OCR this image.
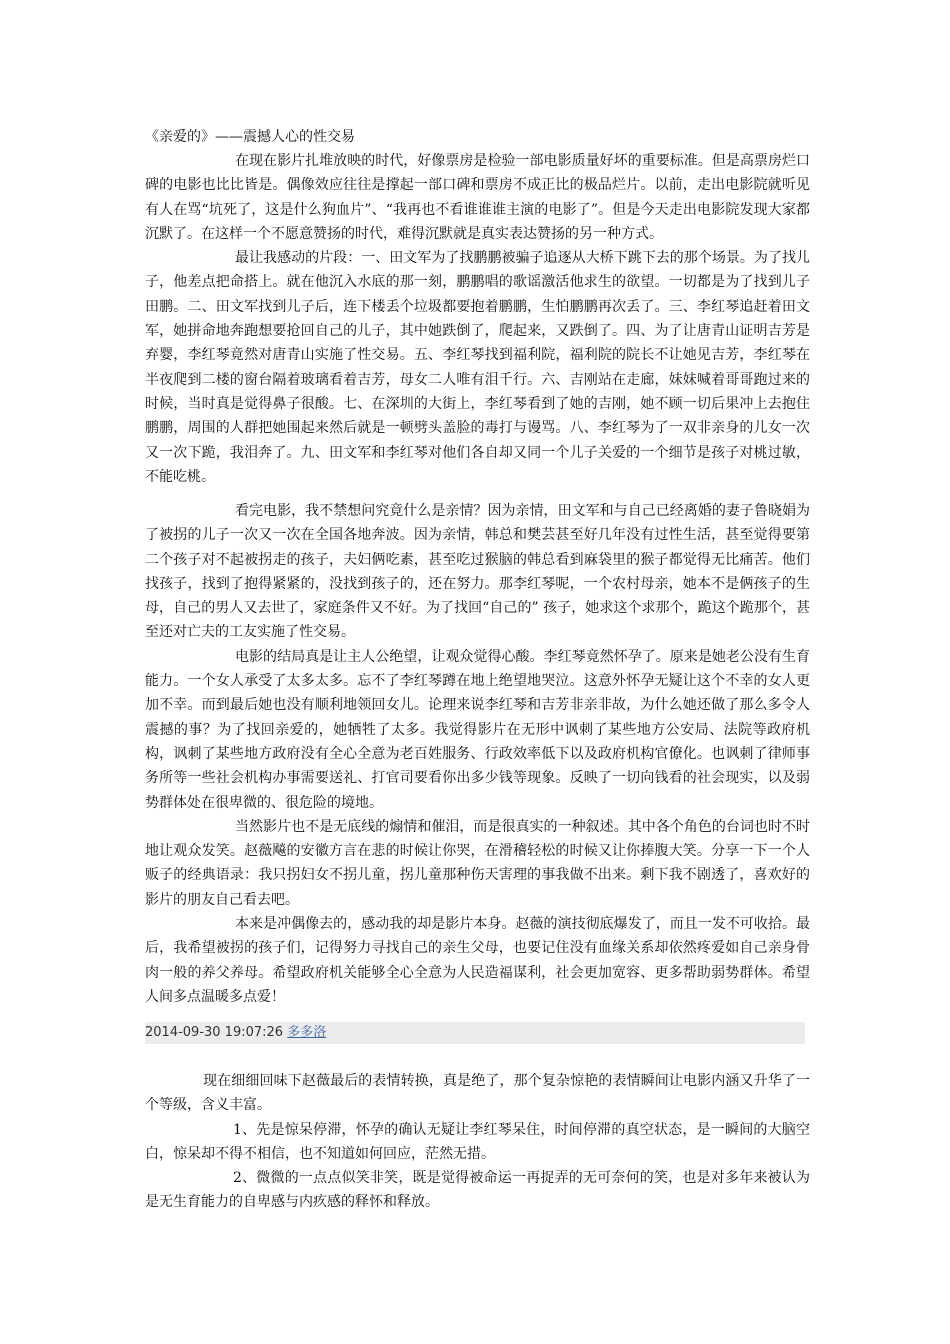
《亲爱的》——震撼人心的性交易

在现在影片扎堆放映的时代，好像票房是检验一部电影质量好坏的重要标准。但是高票房烂口碑的电影也比比皆是。偶像效应往往是撑起一部口碑和票房不成正比的极品烂片。以前，走出电影院就听见有人在骂“坑死了，这是什么狗血片”、“我再也不看谁谁谁主演的电影了”。但是今天走出电影院发现大家都沉默了。在这样一个不愿意赞扬的时代，难得沉默就是真实表达赞扬的另一种方式。

最让我感动的片段：一、田文军为了找鹏鹏被骗子追逐从大桥下跳下去的那个场景。为了找儿子，他差点把命搭上。就在他沉入水底的那一刻，鹏鹏唱的歌谣激活他求生的欲望。一切都是为了找到儿子田鹏。二、田文军找到儿子后，连下楼丢个垃圾都要抱着鹏鹏，生怕鹏鹏再次丢了。三、李红琴追赶着田文军，她拼命地奔跑想要抢回自己的儿子，其中她跌倒了，爬起来，又跌倒了。四、为了让唐青山证明吉芳是弃婴，李红琴竟然对唐青山实施了性交易。五、李红琴找到福利院，福利院的院长不让她见吉芳，李红琴在半夜爬到二楼的窗台隔着玻璃看着吉芳，母女二人唯有泪千行。六、吉刚站在走廊，妹妹喊着哥哥跑过来的时候，当时真是觉得鼻子很酸。七、在深圳的大街上，李红琴看到了她的吉刚，她不顾一切后果冲上去抱住鹏鹏，周围的人群把她围起来然后就是一顿劈头盖脸的毒打与谩骂。八、李红琴为了一双非亲身的儿女一次又一次下跪，我泪奔了。九、田文军和李红琴对他们各自却又同一个儿子关爱的一个细节是孩子对桃过敏，不能吃桃。

看完电影，我不禁想问究竟什么是亲情？因为亲情，田文军和与自己已经离婚的妻子鲁晓娟为了被拐的儿子一次又一次在全国各地奔波。因为亲情，韩总和樊芸甚至好几年没有过性生活，甚至觉得要第二个孩子对不起被拐走的孩子，夫妇俩吃素，甚至吃过猴脑的韩总看到麻袋里的猴子都觉得无比痛苦。他们找孩子，找到了抱得紧紧的，没找到孩子的，还在努力。那李红琴呢，一个农村母亲，她本不是俩孩子的生母，自己的男人又去世了，家庭条件又不好。为了找回“自己的” 孩子，她求这个求那个，跪这个跪那个，甚至还对亡夫的工友实施了性交易。

电影的结局真是让主人公绝望，让观众觉得心酸。李红琴竟然怀孕了。原来是她老公没有生育能力。一个女人承受了太多太多。忘不了李红琴蹲在地上绝望地哭泣。这意外怀孕无疑让这个不幸的女人更加不幸。而到最后她也没有顺利地领回女儿。论理来说李红琴和吉芳非亲非故，为什么她还做了那么多令人震撼的事？为了找回亲爱的，她牺牲了太多。我觉得影片在无形中讽刺了某些地方公安局、法院等政府机构，讽刺了某些地方政府没有全心全意为老百姓服务、行政效率低下以及政府机构官僚化。也讽刺了律师事务所等一些社会机构办事需要送礼、打官司要看你出多少钱等现象。反映了一切向钱看的社会现实，以及弱势群体处在很卑微的、很危险的境地。

当然影片也不是无底线的煽情和催泪，而是很真实的一种叙述。其中各个角色的台词也时不时地让观众发笑。赵薇飚的安徽方言在悲的时候让你哭，在滑稽轻松的时候又让你捧腹大笑。分享一下一个人贩子的经典语录：我只拐妇女不拐儿童，拐儿童那种伤天害理的事我做不出来。剩下我不剧透了，喜欢好的影片的朋友自己看去吧。

本来是冲偶像去的，感动我的却是影片本身。赵薇的演技彻底爆发了，而且一发不可收拾。最后，我希望被拐的孩子们，记得努力寻找自己的亲生父母，也要记住没有血缘关系却依然疼爱如自己亲身骨肉一般的养父养母。希望政府机关能够全心全意为人民造福谋利，社会更加宽容、更多帮助弱势群体。希望人间多点温暖多点爱！

2014-09-30 19:07:26 多多洛

现在细细回味下赵薇最后的表情转换，真是绝了，那个复杂惊艳的表情瞬间让电影内涵又升华了一个等级，含义丰富。

1、先是惊呆停滞，怀孕的确认无疑让李红琴呆住，时间停滞的真空状态，是一瞬间的大脑空白，惊呆却不得不相信，也不知道如何回应，茫然无措。

2、微微的一点点似笑非笑，既是觉得被命运一再捉弄的无可奈何的笑，也是对多年来被认为是无生育能力的自卑感与内疚感的释怀和释放。
